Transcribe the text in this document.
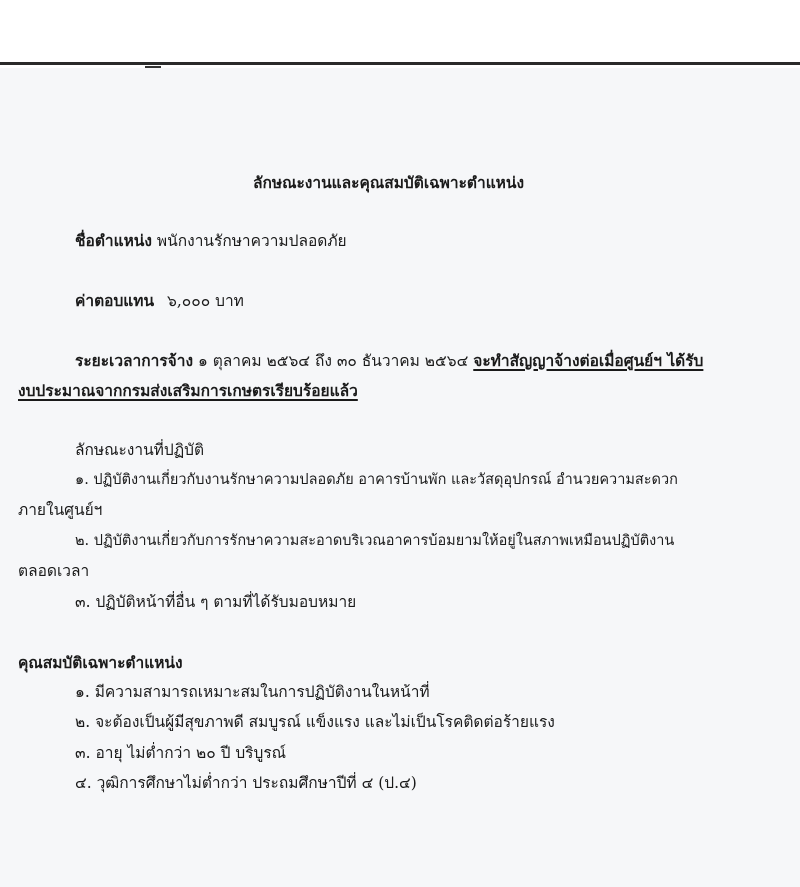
ลักษณะงานและคุณสมบัติเฉพาะตำแหน่ง
ชื่อตำแหน่ง พนักงานรักษาความปลอดภัย
ค่าตอบแทน ๖,๐๐๐ บาท
ระยะเวลาการจ้าง ๑ ตุลาคม ๒๕๖๔ ถึง ๓๐ ธันวาคม ๒๕๖๔ จะทำสัญญาจ้างต่อเมื่อศูนย์ฯ ได้รับ
งบประมาณจากกรมส่งเสริมการเกษตรเรียบร้อยแล้ว
ลักษณะงานที่ปฏิบัติ
๑. ปฏิบัติงานเกี่ยวกับงานรักษาความปลอดภัย อาคารบ้านพัก และวัสดุอุปกรณ์ อำนวยความสะดวก
ภายในศูนย์ฯ
๒. ปฏิบัติงานเกี่ยวกับการรักษาความสะอาดบริเวณอาคารบ้อมยามให้อยู่ในสภาพเหมือนปฏิบัติงาน
ตลอดเวลา
๓. ปฏิบัติหน้าที่อื่น ๆ ตามที่ได้รับมอบหมาย
คุณสมบัติเฉพาะตำแหน่ง
๑. มีความสามารถเหมาะสมในการปฏิบัติงานในหน้าที่
๒. จะต้องเป็นผู้มีสุขภาพดี สมบูรณ์ แข็งแรง และไม่เป็นโรคติดต่อร้ายแรง
๓. อายุ ไม่ต่ำกว่า ๒๐ ปี บริบูรณ์
๔. วุฒิการศึกษาไม่ต่ำกว่า ประถมศึกษาปีที่ ๔ (ป.๔)
